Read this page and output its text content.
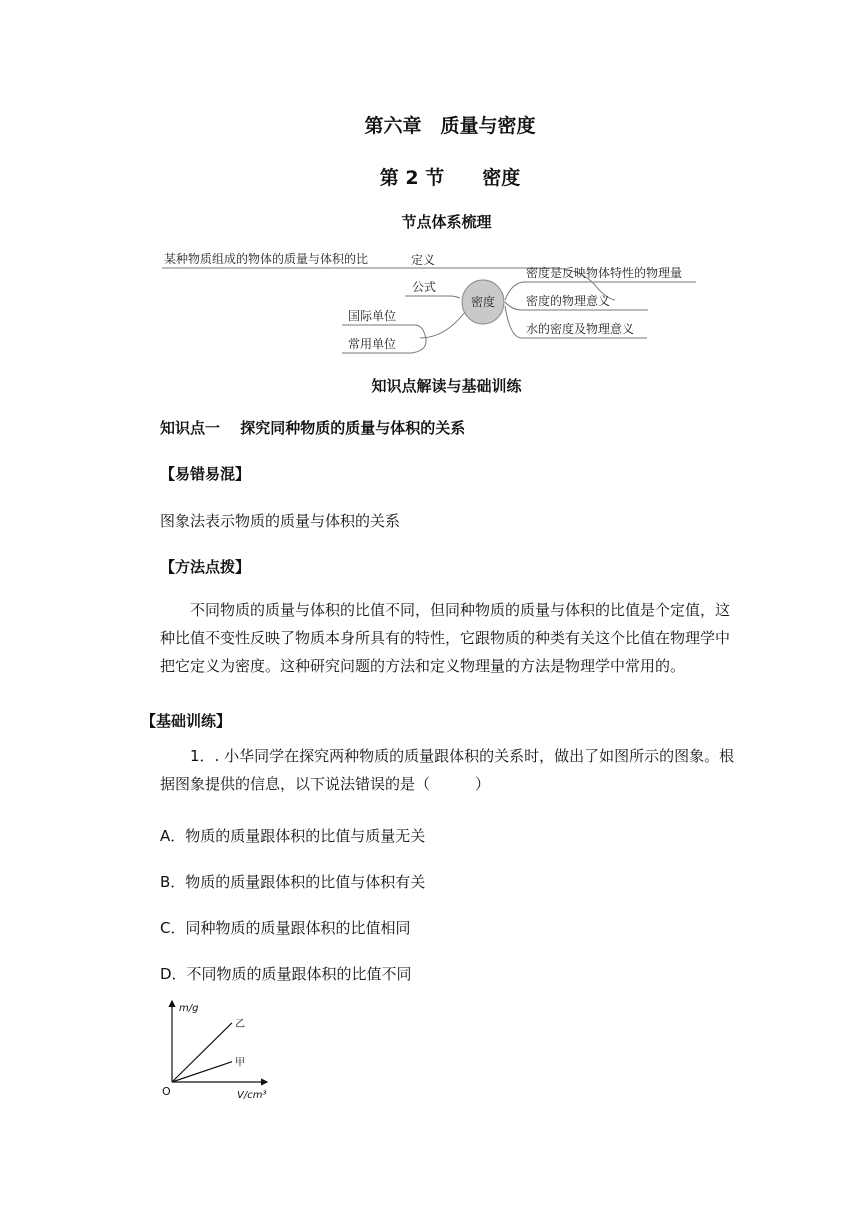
第六章　质量与密度
第 2 节　　密度
节点体系梳理
密度
某种物质组成的物体的质量与体积的比	定义
公式
国际单位
常用单位
密度是反映物体特性的物理量
密度的物理意义
水的密度及物理意义
知识点解读与基础训练
知识点一　 探究同种物质的质量与体积的关系
【易错易混】
图象法表示物质的质量与体积的关系
【方法点拨】
不同物质的质量与体积的比值不同，但同种物质的质量与体积的比值是个定值，这种比值不变性反映了物质本身所具有的特性，它跟物质的种类有关这个比值在物理学中把它定义为密度。这种研究问题的方法和定义物理量的方法是物理学中常用的。
【基础训练】
1．. 小华同学在探究两种物质的质量跟体积的关系时，做出了如图所示的图象。根据图象提供的信息，以下说法错误的是（　　　）
A．物质的质量跟体积的比值与质量无关
B．物质的质量跟体积的比值与体积有关
C．同种物质的质量跟体积的比值相同
D．不同物质的质量跟体积的比值不同
乙
甲
m/g
V/cm³
O
